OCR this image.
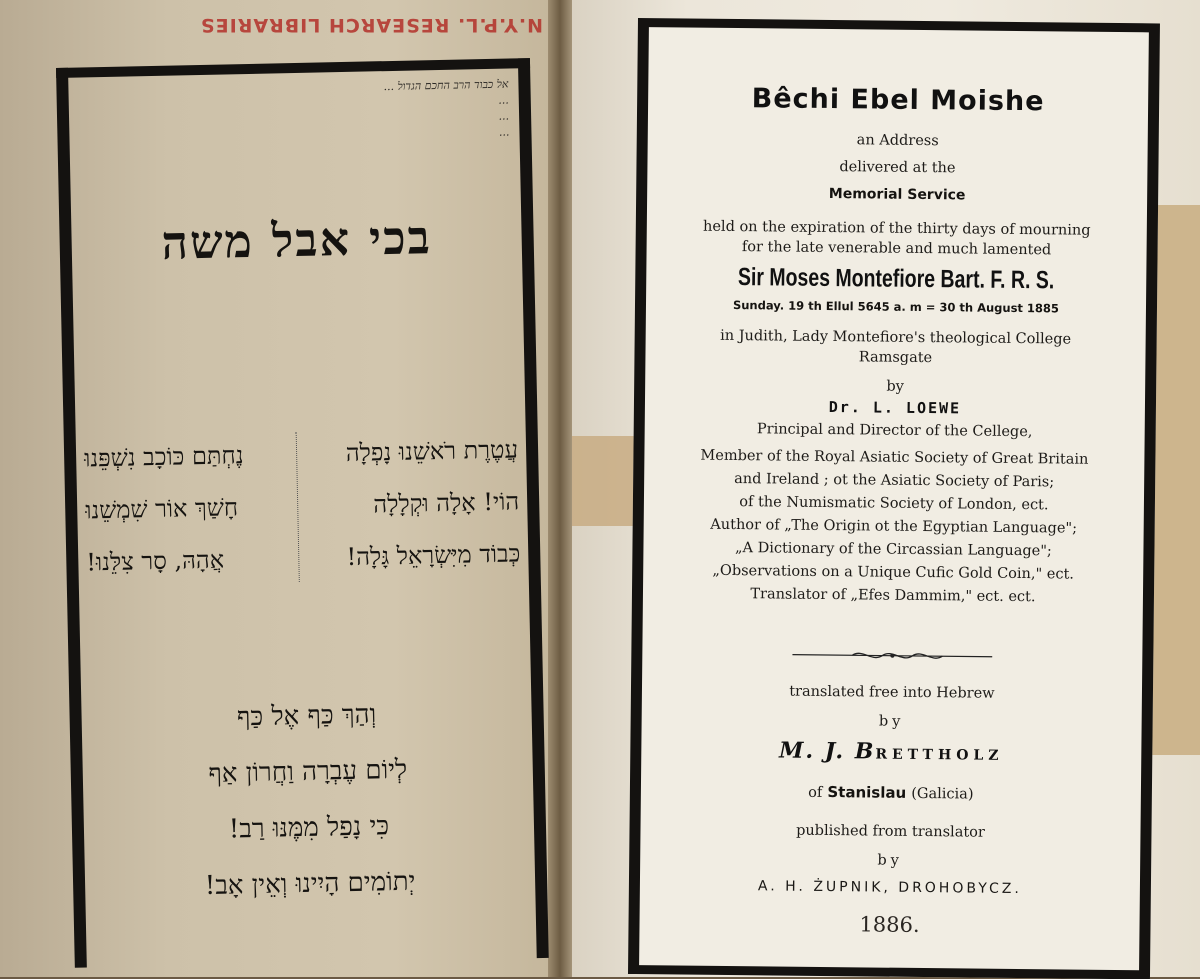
N.Y.P.L. RESEARCH LIBRARIES
אל כבוד הרב החכם הגדול ...
...
...
...
בכי אבל משה
עֲטֶרֶת רֹאשֵׁנוּ נָפְלָה
נֶחְתַּם כּוֹכָב נִשְׁפֵּנוּ
הוֹי! אָלָה וּקְלָלָה
חָשַׁךְ אוֹר שִׁמְשֵׁנוּ
כְּבוֹד מִיִּשְׂרָאֵל גָּלָה!
אֲהָהּ, סָר צִלֵּנוּ!
וְהַךְ כַּף אֶל כַּף
לְיוֹם עֶבְרָה וַחֲרוֹן אַף
כִּי נָפַל מִמֶּנּוּ רַב!
יְתוֹמִים הָיִינוּ וְאֵין אָב!
Bêchi Ebel Moishe
an Address
delivered at the
Memorial Service
held on the expiration of the thirty days of mourning
for the late venerable and much lamented
Sir Moses Montefiore Bart. F. R. S.
Sunday. 19 th Ellul 5645 a. m = 30 th August 1885
in Judith, Lady Montefiore's theological College
Ramsgate
by
Dr. L. LOEWE
Principal and Director of the Cellege,
Member of the Royal Asiatic Society of Great Britain
and Ireland ; ot the Asiatic Society of Paris;
of the Numismatic Society of London, ect.
Author of „The Origin ot the Egyptian Language";
„A Dictionary of the Circassian Language";
„Observations on a Unique Cufic Gold Coin," ect.
Translator of „Efes Dammim," ect. ect.
translated free into Hebrew
by
M. J. BRETTHOLZ
of Stanislau (Galicia)
published from translator
by
A. H. ŻUPNIK, DROHOBYCZ.
1886.
